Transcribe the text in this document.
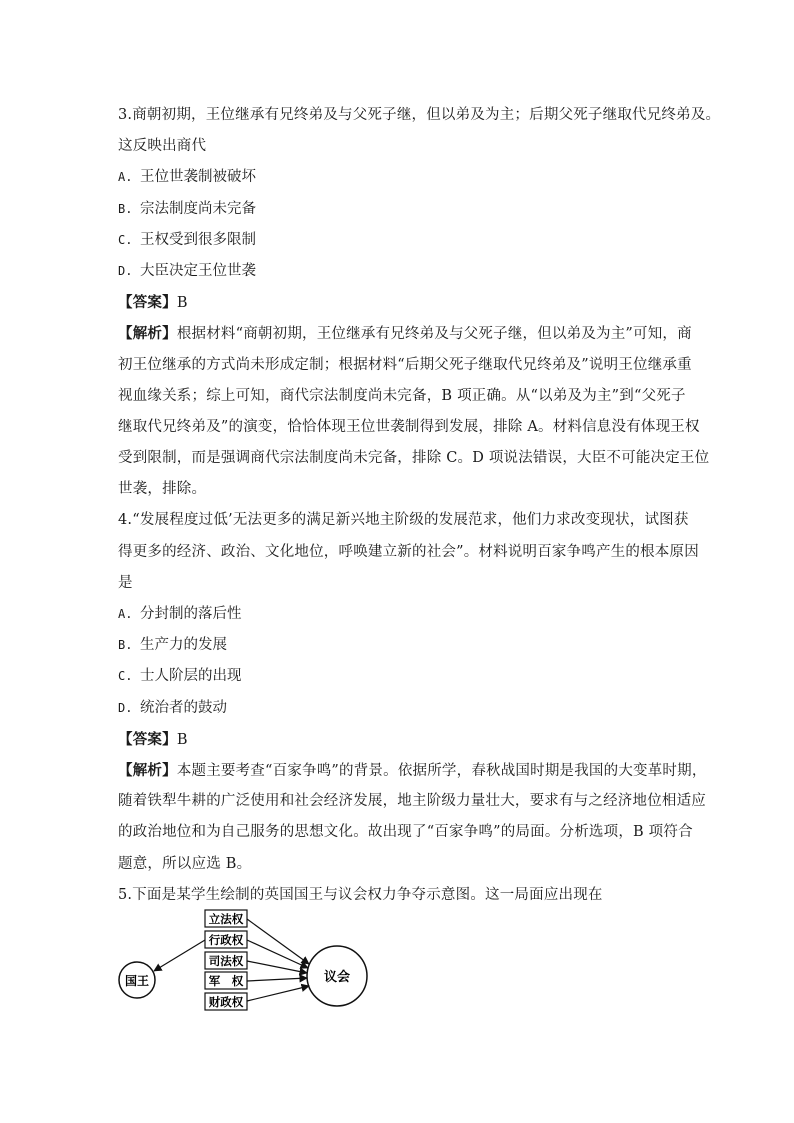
3.商朝初期，王位继承有兄终弟及与父死子继，但以弟及为主；后期父死子继取代兄终弟及。
这反映出商代
A. 王位世袭制被破坏
B. 宗法制度尚未完备
C. 王权受到很多限制
D. 大臣决定王位世袭
【答案】B
【解析】根据材料“商朝初期，王位继承有兄终弟及与父死子继，但以弟及为主”可知，商
初王位继承的方式尚未形成定制；根据材料“后期父死子继取代兄终弟及”说明王位继承重
视血缘关系；综上可知，商代宗法制度尚未完备，B 项正确。从“以弟及为主”到“父死子
继取代兄终弟及”的演变，恰恰体现王位世袭制得到发展，排除 A。材料信息没有体现王权
受到限制，而是强调商代宗法制度尚未完备，排除 C。D 项说法错误，大臣不可能决定王位
世袭，排除。
4.“发展程度过低’无法更多的满足新兴地主阶级的发展范求，他们力求改变现状，试图获
得更多的经济、政治、文化地位，呼唤建立新的社会”。材料说明百家争鸣产生的根本原因
是
A. 分封制的落后性
B. 生产力的发展
C. 士人阶层的出现
D. 统治者的鼓动
【答案】B
【解析】本题主要考查“百家争鸣”的背景。依据所学，春秋战国时期是我国的大变革时期，
随着铁犁牛耕的广泛使用和社会经济发展，地主阶级力量壮大，要求有与之经济地位相适应
的政治地位和为自己服务的思想文化。故出现了“百家争鸣”的局面。分析选项，B 项符合
题意，所以应选 B。
5.下面是某学生绘制的英国国王与议会权力争夺示意图。这一局面应出现在
国王	议会
立法权
行政权
司法权
军　权
财政权
